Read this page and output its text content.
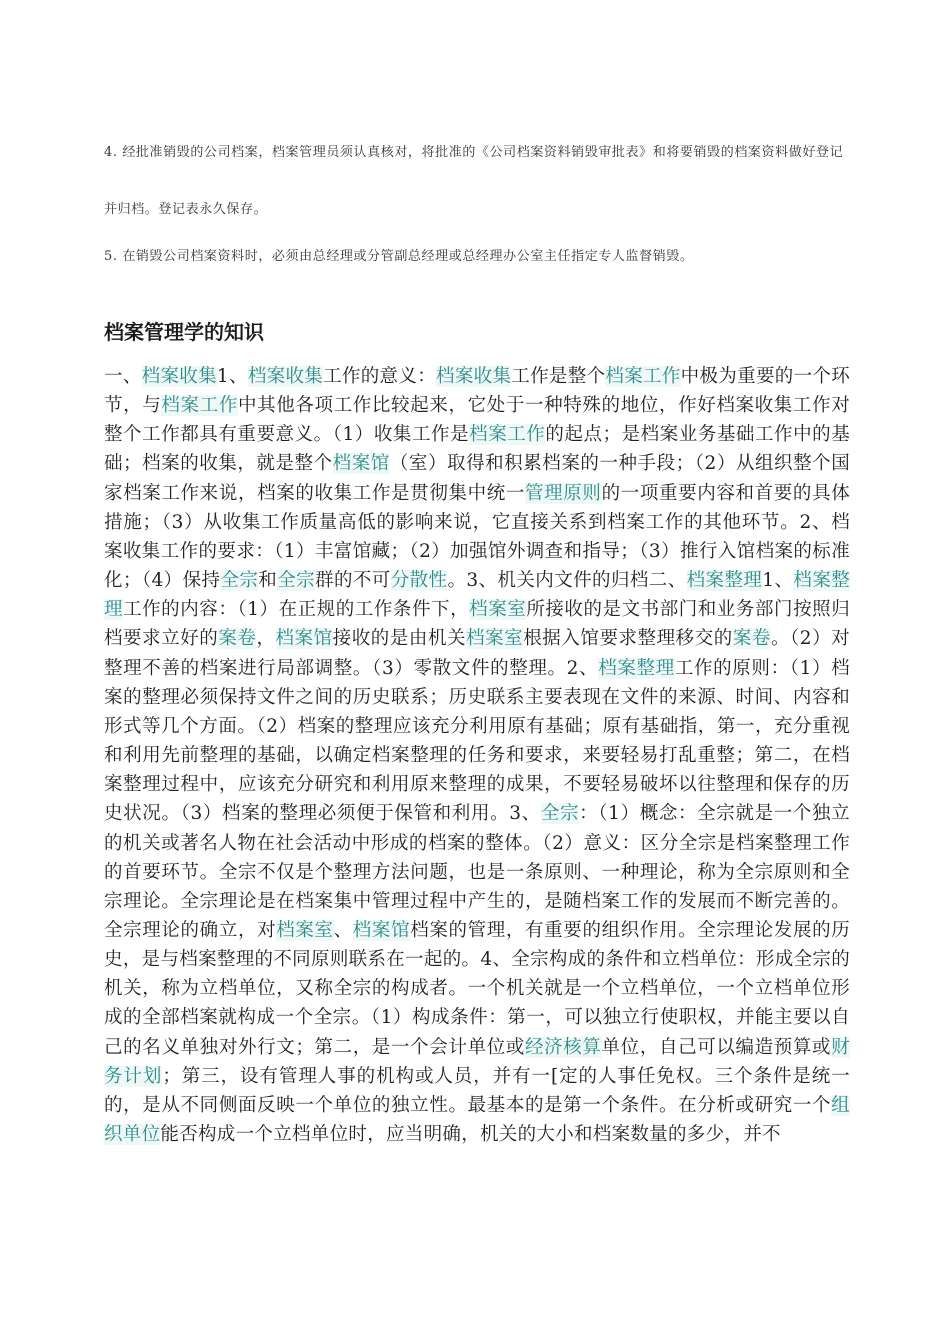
4. 经批准销毁的公司档案，档案管理员须认真核对，将批准的《公司档案资料销毁审批表》和将要销毁的档案资料做好登记并归档。登记表永久保存。

5. 在销毁公司档案资料时，必须由总经理或分管副总经理或总经理办公室主任指定专人监督销毁。

档案管理学的知识

一、档案收集1、档案收集工作的意义：档案收集工作是整个档案工作中极为重要的一个环节，与档案工作中其他各项工作比较起来，它处于一种特殊的地位，作好档案收集工作对整个工作都具有重要意义。（1）收集工作是档案工作的起点；是档案业务基础工作中的基础；档案的收集，就是整个档案馆（室）取得和积累档案的一种手段；（2）从组织整个国家档案工作来说，档案的收集工作是贯彻集中统一管理原则的一项重要内容和首要的具体措施；（3）从收集工作质量高低的影响来说，它直接关系到档案工作的其他环节。2、档案收集工作的要求：（1）丰富馆藏；（2）加强馆外调查和指导；（3）推行入馆档案的标准化；（4）保持全宗和全宗群的不可分散性。3、机关内文件的归档二、档案整理1、档案整理工作的内容：（1）在正规的工作条件下，档案室所接收的是文书部门和业务部门按照归档要求立好的案卷，档案馆接收的是由机关档案室根据入馆要求整理移交的案卷。（2）对整理不善的档案进行局部调整。（3）零散文件的整理。2、档案整理工作的原则：（1）档案的整理必须保持文件之间的历史联系；历史联系主要表现在文件的来源、时间、内容和形式等几个方面。（2）档案的整理应该充分利用原有基础；原有基础指，第一，充分重视和利用先前整理的基础，以确定档案整理的任务和要求，来要轻易打乱重整；第二，在档案整理过程中，应该充分研究和利用原来整理的成果，不要轻易破坏以往整理和保存的历史状况。（3）档案的整理必须便于保管和利用。3、全宗：（1）概念：全宗就是一个独立的机关或著名人物在社会活动中形成的档案的整体。（2）意义：区分全宗是档案整理工作的首要环节。全宗不仅是个整理方法问题，也是一条原则、一种理论，称为全宗原则和全宗理论。全宗理论是在档案集中管理过程中产生的，是随档案工作的发展而不断完善的。全宗理论的确立，对档案室、档案馆档案的管理，有重要的组织作用。全宗理论发展的历史，是与档案整理的不同原则联系在一起的。4、全宗构成的条件和立档单位：形成全宗的机关，称为立档单位，又称全宗的构成者。一个机关就是一个立档单位，一个立档单位形成的全部档案就构成一个全宗。（1）构成条件：第一，可以独立行使职权，并能主要以自己的名义单独对外行文；第二，是一个会计单位或经济核算单位，自己可以编造预算或财务计划；第三，设有管理人事的机构或人员，并有一[定的人事任免权。三个条件是统一的，是从不同侧面反映一个单位的独立性。最基本的是第一个条件。在分析或研究一个组织单位能否构成一个立档单位时，应当明确，机关的大小和档案数量的多少，并不
